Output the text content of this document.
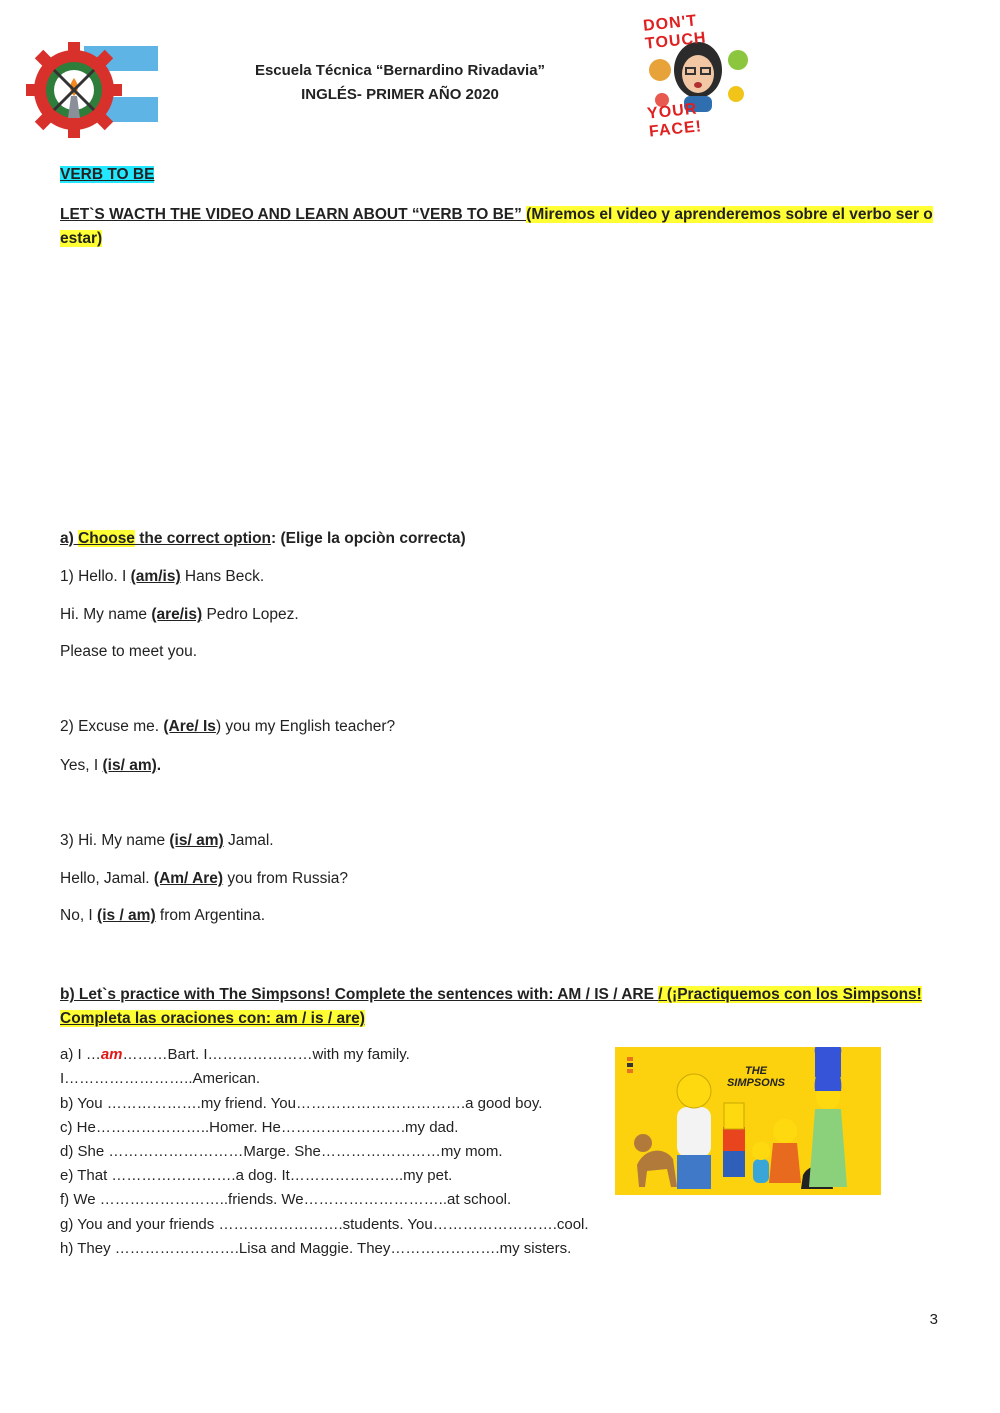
Escuela Técnica “Bernardino Rivadavia”
INGLÉS- PRIMER AÑO 2020
DON'T TOUCH
YOUR FACE!
VERB TO BE
LET`S WACTH THE VIDEO AND LEARN ABOUT “VERB TO BE” (Miremos el video y aprenderemos sobre el verbo ser o estar)
a) Choose the correct option: (Elige la opciòn correcta)
1) Hello. I (am/is) Hans Beck.
Hi. My name (are/is) Pedro Lopez.
Please to meet you.
2) Excuse me. (Are/ Is) you my English teacher?
Yes, I (is/ am).
3) Hi. My name (is/ am) Jamal.
Hello, Jamal. (Am/ Are) you from Russia?
No, I (is / am) from Argentina.
b) Let`s practice with The Simpsons! Complete the sentences with: AM / IS / ARE / (¡Practiquemos con los Simpsons! Completa las oraciones con: am / is / are)
a) I …am………Bart. I…………………with my family.
I……………………..American.
b) You ……………….my friend. You…………………………….a good boy.
c) He…………………..Homer. He…………………….my dad.
d) She ………………………Marge. She……………………my mom.
e) That …………………….a dog. It…………………..my pet.
f) We ……………………..friends. We………………………..at school.
g) You and your friends …………………….students. You…………………….cool.
h) They …………………….Lisa and Maggie. They………………….my sisters.
THE SIMPSONS
3
